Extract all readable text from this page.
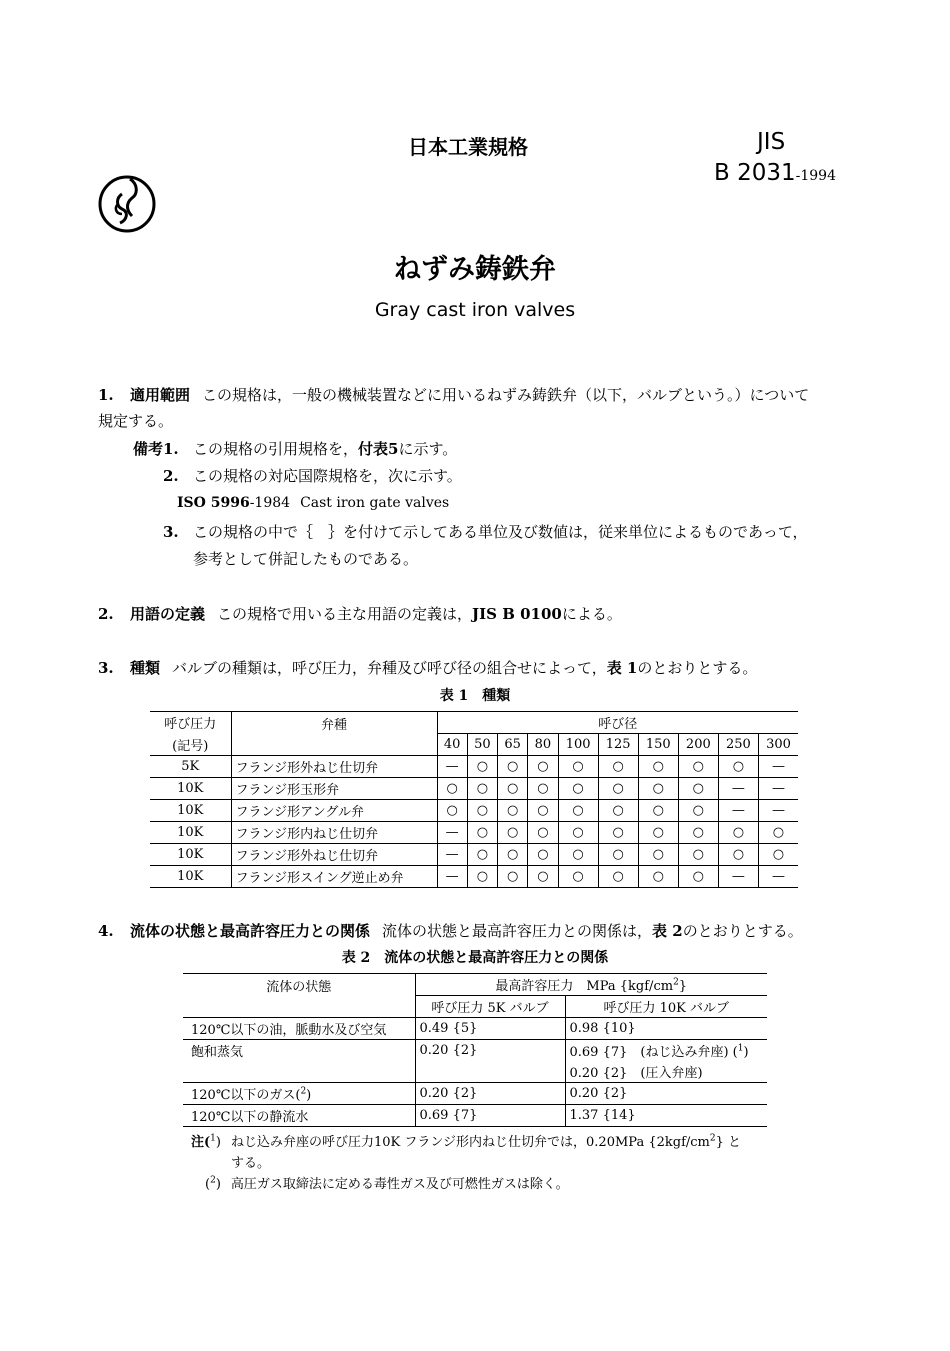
日本工業規格	JIS
B 2031-1994
ねずみ鋳鉄弁
Gray cast iron valves
1. 適用範囲 この規格は，一般の機械装置などに用いるねずみ鋳鉄弁（以下，バルブという。）について
規定する。
備考1. この規格の引用規格を，付表5に示す。
2. この規格の対応国際規格を，次に示す。
ISO 5996-1984 Cast iron gate valves
3. この規格の中で｛　｝を付けて示してある単位及び数値は，従来単位によるものであって，
参考として併記したものである。
2. 用語の定義 この規格で用いる主な用語の定義は，JIS B 0100による。
3. 種類 バルブの種類は，呼び圧力，弁種及び呼び径の組合せによって，表 1のとおりとする。
表 1　種類
呼び圧力	弁種	呼び径									
(記号)		40	50	65	80	100	125	150	200	250	300
5K	フランジ形外ねじ仕切弁	—	○	○	○	○	○	○	○	○	—
10K	フランジ形玉形弁	○	○	○	○	○	○	○	○	—	—
10K	フランジ形アングル弁	○	○	○	○	○	○	○	○	—	—
10K	フランジ形内ねじ仕切弁	—	○	○	○	○	○	○	○	○	○
10K	フランジ形外ねじ仕切弁	—	○	○	○	○	○	○	○	○	○
10K	フランジ形スイング逆止め弁	—	○	○	○	○	○	○	○	—	—
4. 流体の状態と最高許容圧力との関係 流体の状態と最高許容圧力との関係は，表 2のとおりとする。
表 2　流体の状態と最高許容圧力との関係
流体の状態	最高許容圧力　MPa $\{kgf/cm^2\}$	
	呼び圧力 5K バルブ	呼び圧力 10K バルブ
120℃以下の油，脈動水及び空気	0.49 {5}	0.98 {10}
飽和蒸気	0.20 {2}	0.69 {7}　(ねじ込み弁座) ($^1$)
		0.20 {2}　(圧入弁座)
120℃以下のガス($^2$)	0.20 {2}	0.20 {2}
120℃以下の静流水	0.69 {7}	1.37 {14}
注($^1$) ねじ込み弁座の呼び圧力10K フランジ形内ねじ仕切弁では，0.20MPa $\{2kgf/cm^2\}$ と
する。
($^2$) 高圧ガス取締法に定める毒性ガス及び可燃性ガスは除く。
